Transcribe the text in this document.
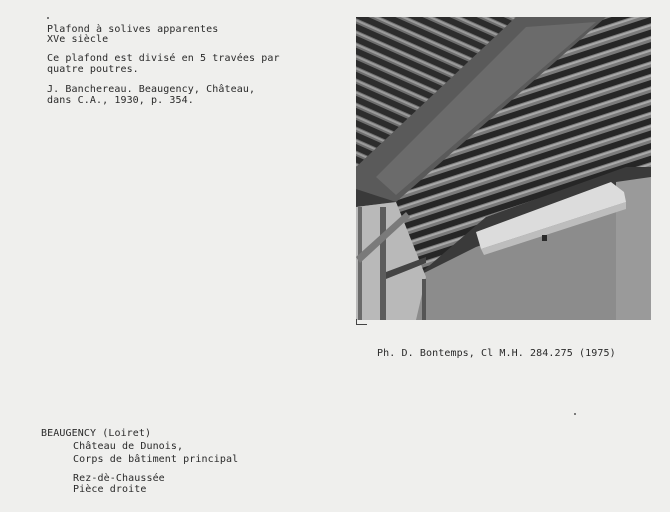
Plafond à solives apparentes
XVe siècle
Ce plafond est divisé en 5 travées par
quatre poutres.
J. Banchereau. Beaugency, Château,
dans C.A., 1930, p. 354.
Ph. D. Bontemps, Cl M.H. 284.275 (1975)
BEAUGENCY (Loiret)
Château de Dunois,
Corps de bâtiment principal
Rez-dè-Chaussée
Pièce droite
